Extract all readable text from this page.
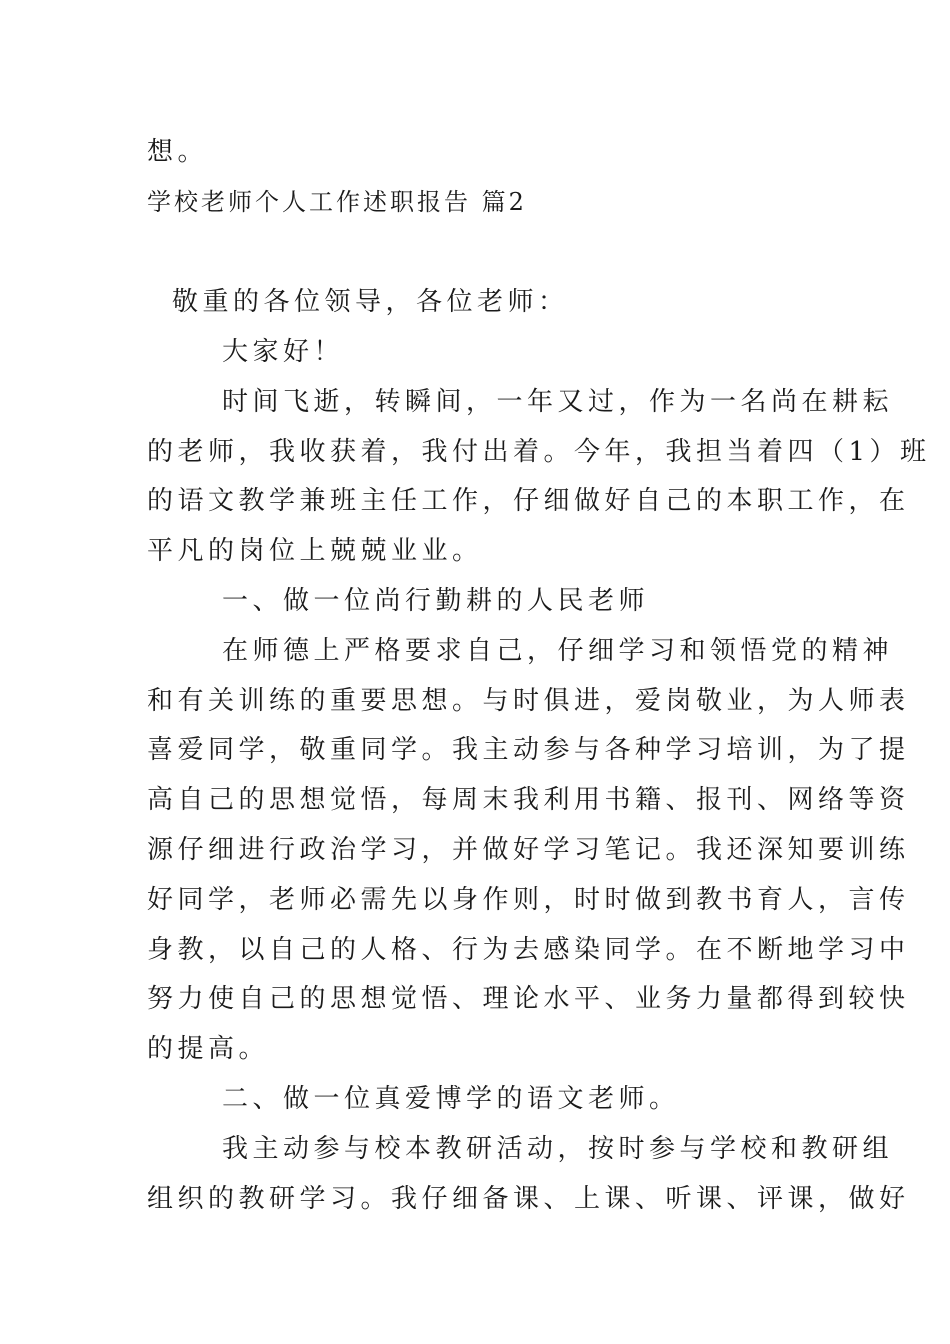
想。
学校老师个人工作述职报告 篇2
敬重的各位领导，各位老师：
大家好！
时间飞逝，转瞬间，一年又过，作为一名尚在耕耘
的老师，我收获着，我付出着。今年，我担当着四（1）班
的语文教学兼班主任工作，仔细做好自己的本职工作，在
平凡的岗位上兢兢业业。
一、做一位尚行勤耕的人民老师
在师德上严格要求自己，仔细学习和领悟党的精神
和有关训练的重要思想。与时俱进，爱岗敬业，为人师表
喜爱同学，敬重同学。我主动参与各种学习培训，为了提
高自己的思想觉悟，每周末我利用书籍、报刊、网络等资
源仔细进行政治学习，并做好学习笔记。我还深知要训练
好同学，老师必需先以身作则，时时做到教书育人，言传
身教，以自己的人格、行为去感染同学。在不断地学习中
努力使自己的思想觉悟、理论水平、业务力量都得到较快
的提高。
二、做一位真爱博学的语文老师。
我主动参与校本教研活动，按时参与学校和教研组
组织的教研学习。我仔细备课、上课、听课、评课，做好
